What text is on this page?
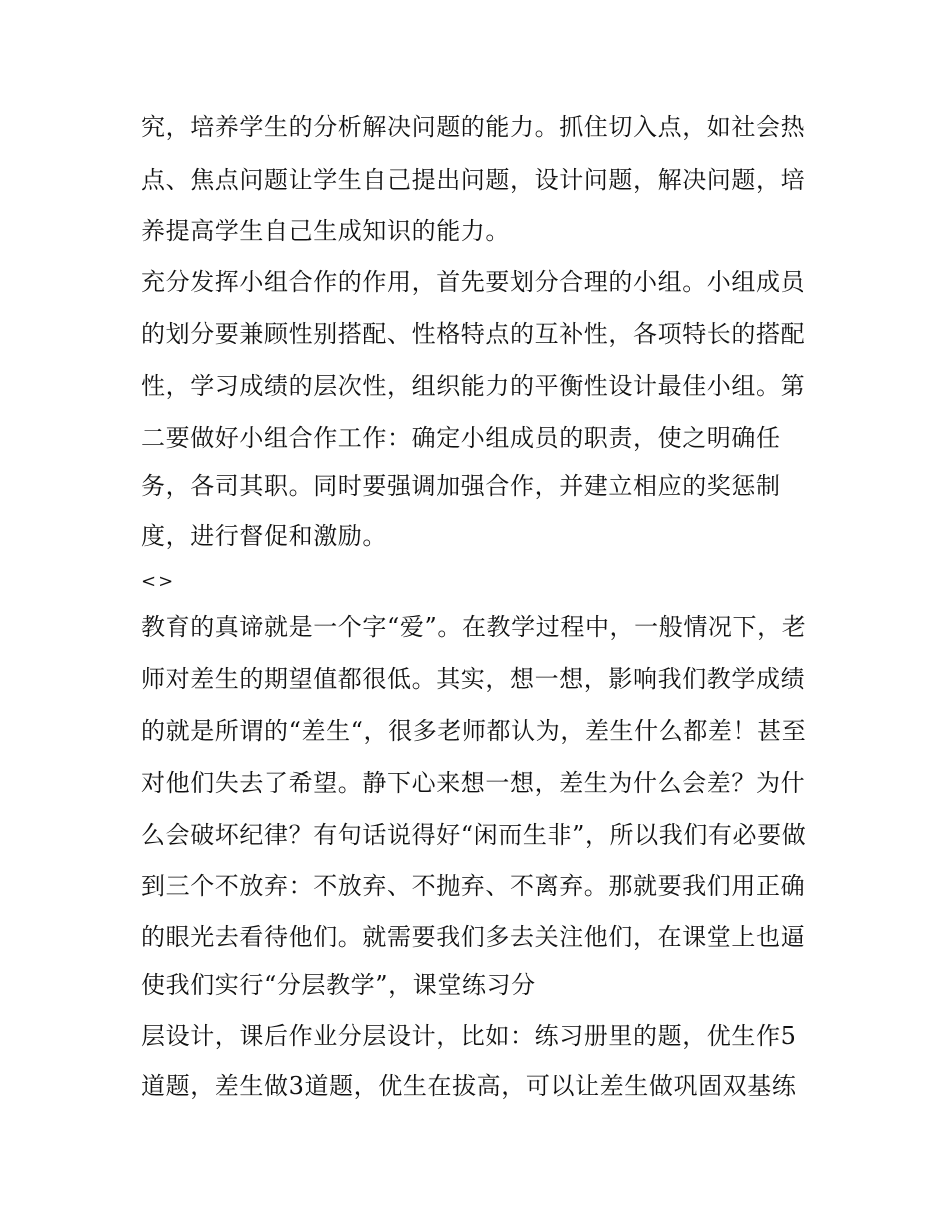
究，培养学生的分析解决问题的能力。抓住切入点，如社会热
点、焦点问题让学生自己提出问题，设计问题，解决问题，培
养提高学生自己生成知识的能力。
充分发挥小组合作的作用，首先要划分合理的小组。小组成员
的划分要兼顾性别搭配、性格特点的互补性，各项特长的搭配
性，学习成绩的层次性，组织能力的平衡性设计最佳小组。第
二要做好小组合作工作：确定小组成员的职责，使之明确任
务，各司其职。同时要强调加强合作，并建立相应的奖惩制
度，进行督促和激励。
<>
教育的真谛就是一个字“爱”。在教学过程中，一般情况下，老
师对差生的期望值都很低。其实，想一想，影响我们教学成绩
的就是所谓的“差生“，很多老师都认为，差生什么都差！甚至
对他们失去了希望。静下心来想一想，差生为什么会差？为什
么会破坏纪律？有句话说得好“闲而生非”，所以我们有必要做
到三个不放弃：不放弃、不抛弃、不离弃。那就要我们用正确
的眼光去看待他们。就需要我们多去关注他们，在课堂上也逼
使我们实行“分层教学”，课堂练习分
层设计，课后作业分层设计，比如：练习册里的题，优生作5
道题，差生做3道题，优生在拔高，可以让差生做巩固双基练
